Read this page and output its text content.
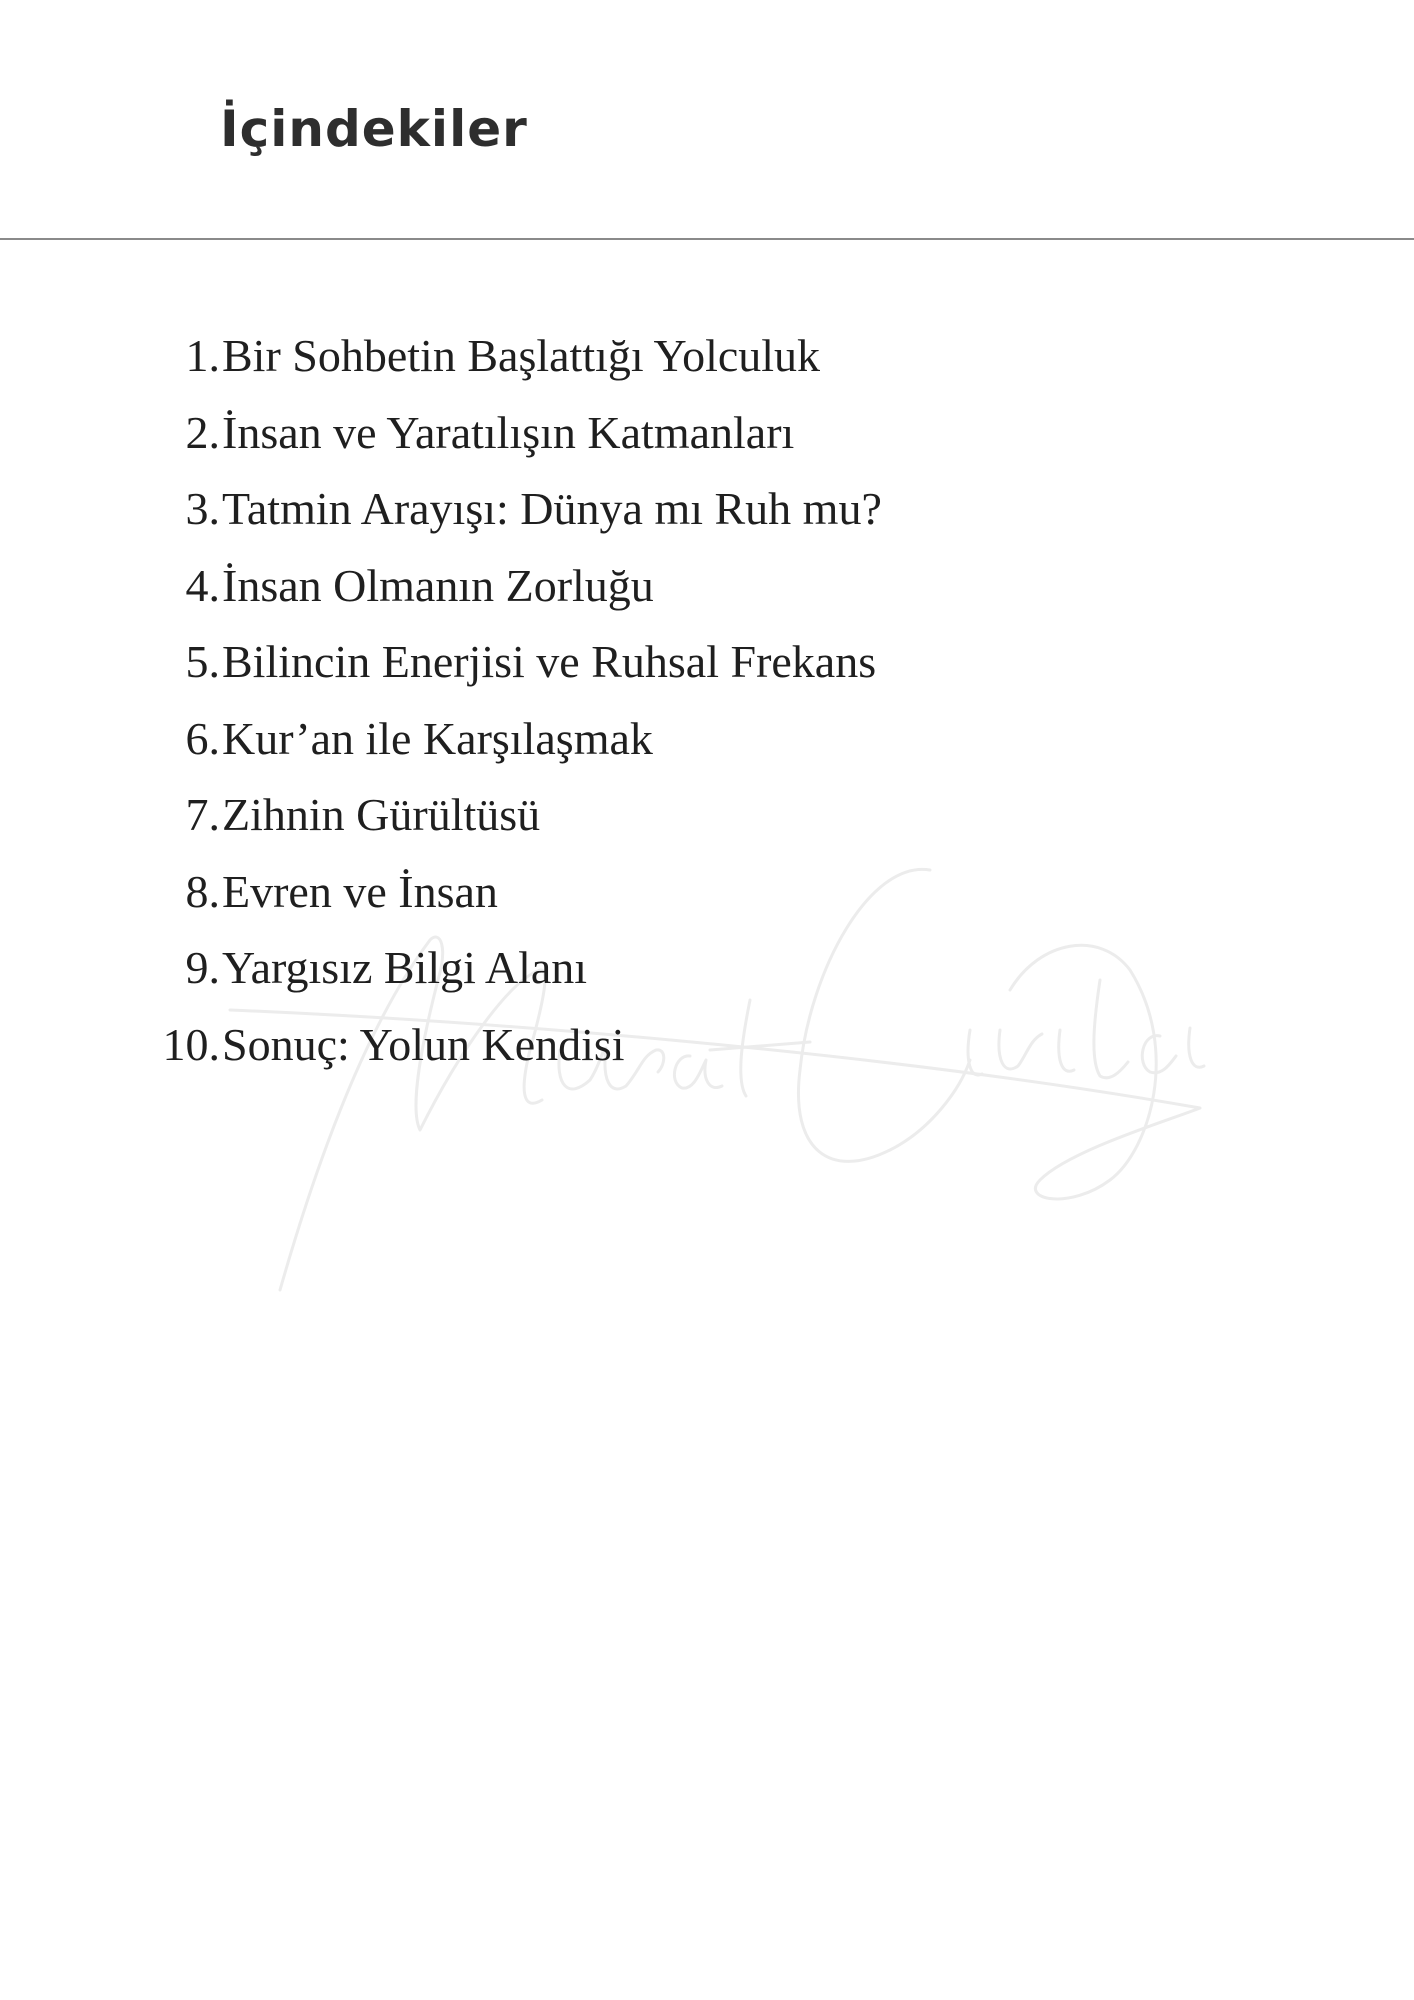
İçindekiler
1. Bir Sohbetin Başlattığı Yolculuk
2. İnsan ve Yaratılışın Katmanları
3. Tatmin Arayışı: Dünya mı Ruh mu?
4. İnsan Olmanın Zorluğu
5. Bilincin Enerjisi ve Ruhsal Frekans
6. Kur’an ile Karşılaşmak
7. Zihnin Gürültüsü
8. Evren ve İnsan
9. Yargısız Bilgi Alanı
10. Sonuç: Yolun Kendisi
